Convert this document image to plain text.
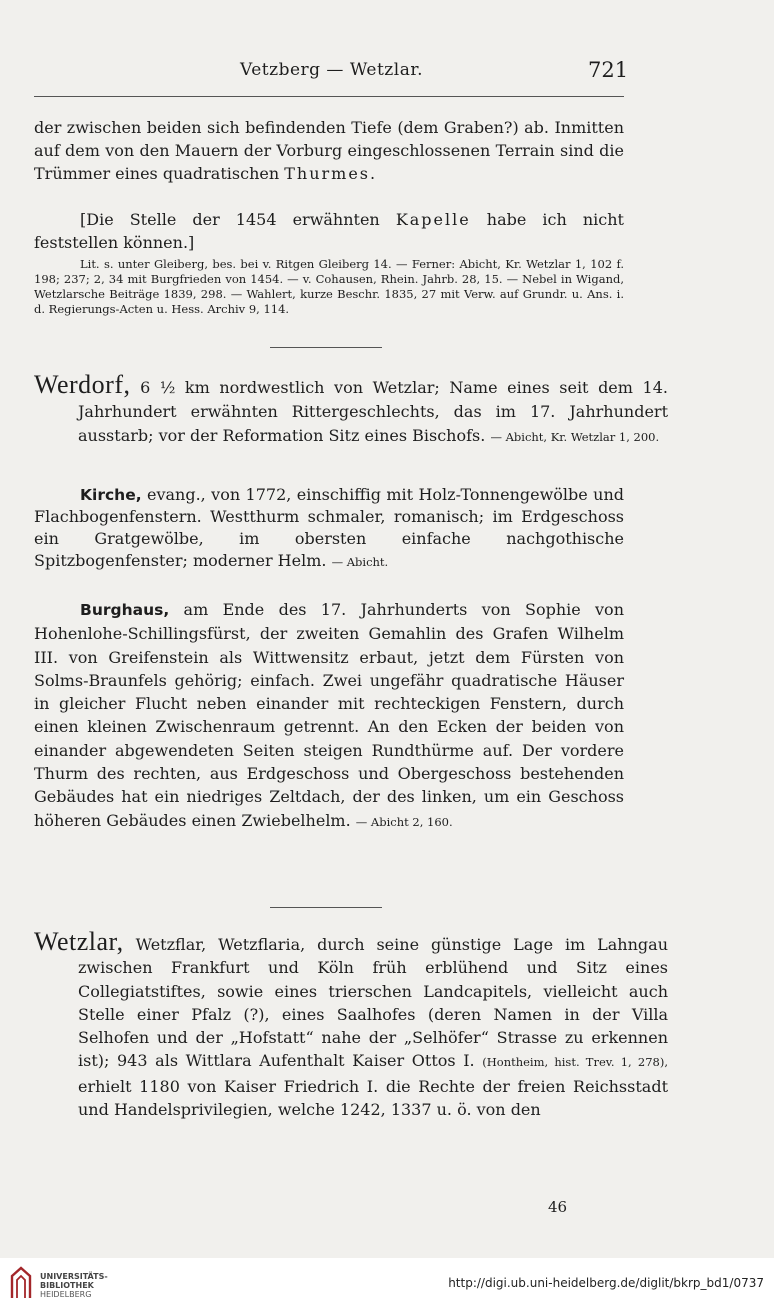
Vetzberg — Wetzlar.	721

der zwischen beiden sich befindenden Tiefe (dem Graben?) ab. Inmitten auf dem von den Mauern der Vorburg eingeschlossenen Terrain sind die Trümmer eines quadratischen Thurmes.

[Die Stelle der 1454 erwähnten Kapelle habe ich nicht feststellen können.]

Lit. s. unter Gleiberg, bes. bei v. Ritgen Gleiberg 14. — Ferner: Abicht, Kr. Wetzlar 1, 102 f. 198; 237; 2, 34 mit Burgfrieden von 1454. — v. Cohausen, Rhein. Jahrb. 28, 15. — Nebel in Wigand, Wetzlarsche Beiträge 1839, 298. — Wahlert, kurze Beschr. 1835, 27 mit Verw. auf Grundr. u. Ans. i. d. Regierungs-Acten u. Hess. Archiv 9, 114.

Werdorf, 6 ½ km nordwestlich von Wetzlar; Name eines seit dem 14. Jahrhundert erwähnten Rittergeschlechts, das im 17. Jahrhundert ausstarb; vor der Reformation Sitz eines Bischofs. — Abicht, Kr. Wetzlar 1, 200.

Kirche, evang., von 1772, einschiffig mit Holz-Tonnengewölbe und Flachbogenfenstern. Westthurm schmaler, romanisch; im Erdgeschoss ein Gratgewölbe, im obersten einfache nachgothische Spitzbogenfenster; moderner Helm. — Abicht.

Burghaus, am Ende des 17. Jahrhunderts von Sophie von Hohenlohe-Schillingsfürst, der zweiten Gemahlin des Grafen Wilhelm III. von Greifenstein als Wittwensitz erbaut, jetzt dem Fürsten von Solms-Braunfels gehörig; einfach. Zwei ungefähr quadratische Häuser in gleicher Flucht neben einander mit rechteckigen Fenstern, durch einen kleinen Zwischenraum getrennt. An den Ecken der beiden von einander abgewendeten Seiten steigen Rundthürme auf. Der vordere Thurm des rechten, aus Erdgeschoss und Obergeschoss bestehenden Gebäudes hat ein niedriges Zeltdach, der des linken, um ein Geschoss höheren Gebäudes einen Zwiebelhelm. — Abicht 2, 160.

Wetzlar, Wetzflar, Wetzflaria, durch seine günstige Lage im Lahngau zwischen Frankfurt und Köln früh erblühend und Sitz eines Collegiatstiftes, sowie eines trierschen Landcapitels, vielleicht auch Stelle einer Pfalz (?), eines Saalhofes (deren Namen in der Villa Selhofen und der „Hofstatt“ nahe der „Selhöfer“ Strasse zu erkennen ist); 943 als Wittlara Aufenthalt Kaiser Ottos I. (Hontheim, hist. Trev. 1, 278), erhielt 1180 von Kaiser Friedrich I. die Rechte der freien Reichsstadt und Handelsprivilegien, welche 1242, 1337 u. ö. von den

46
UNIVERSITÄTS-
BIBLIOTHEK
HEIDELBERG
http://digi.ub.uni-heidelberg.de/diglit/bkrp_bd1/0737
